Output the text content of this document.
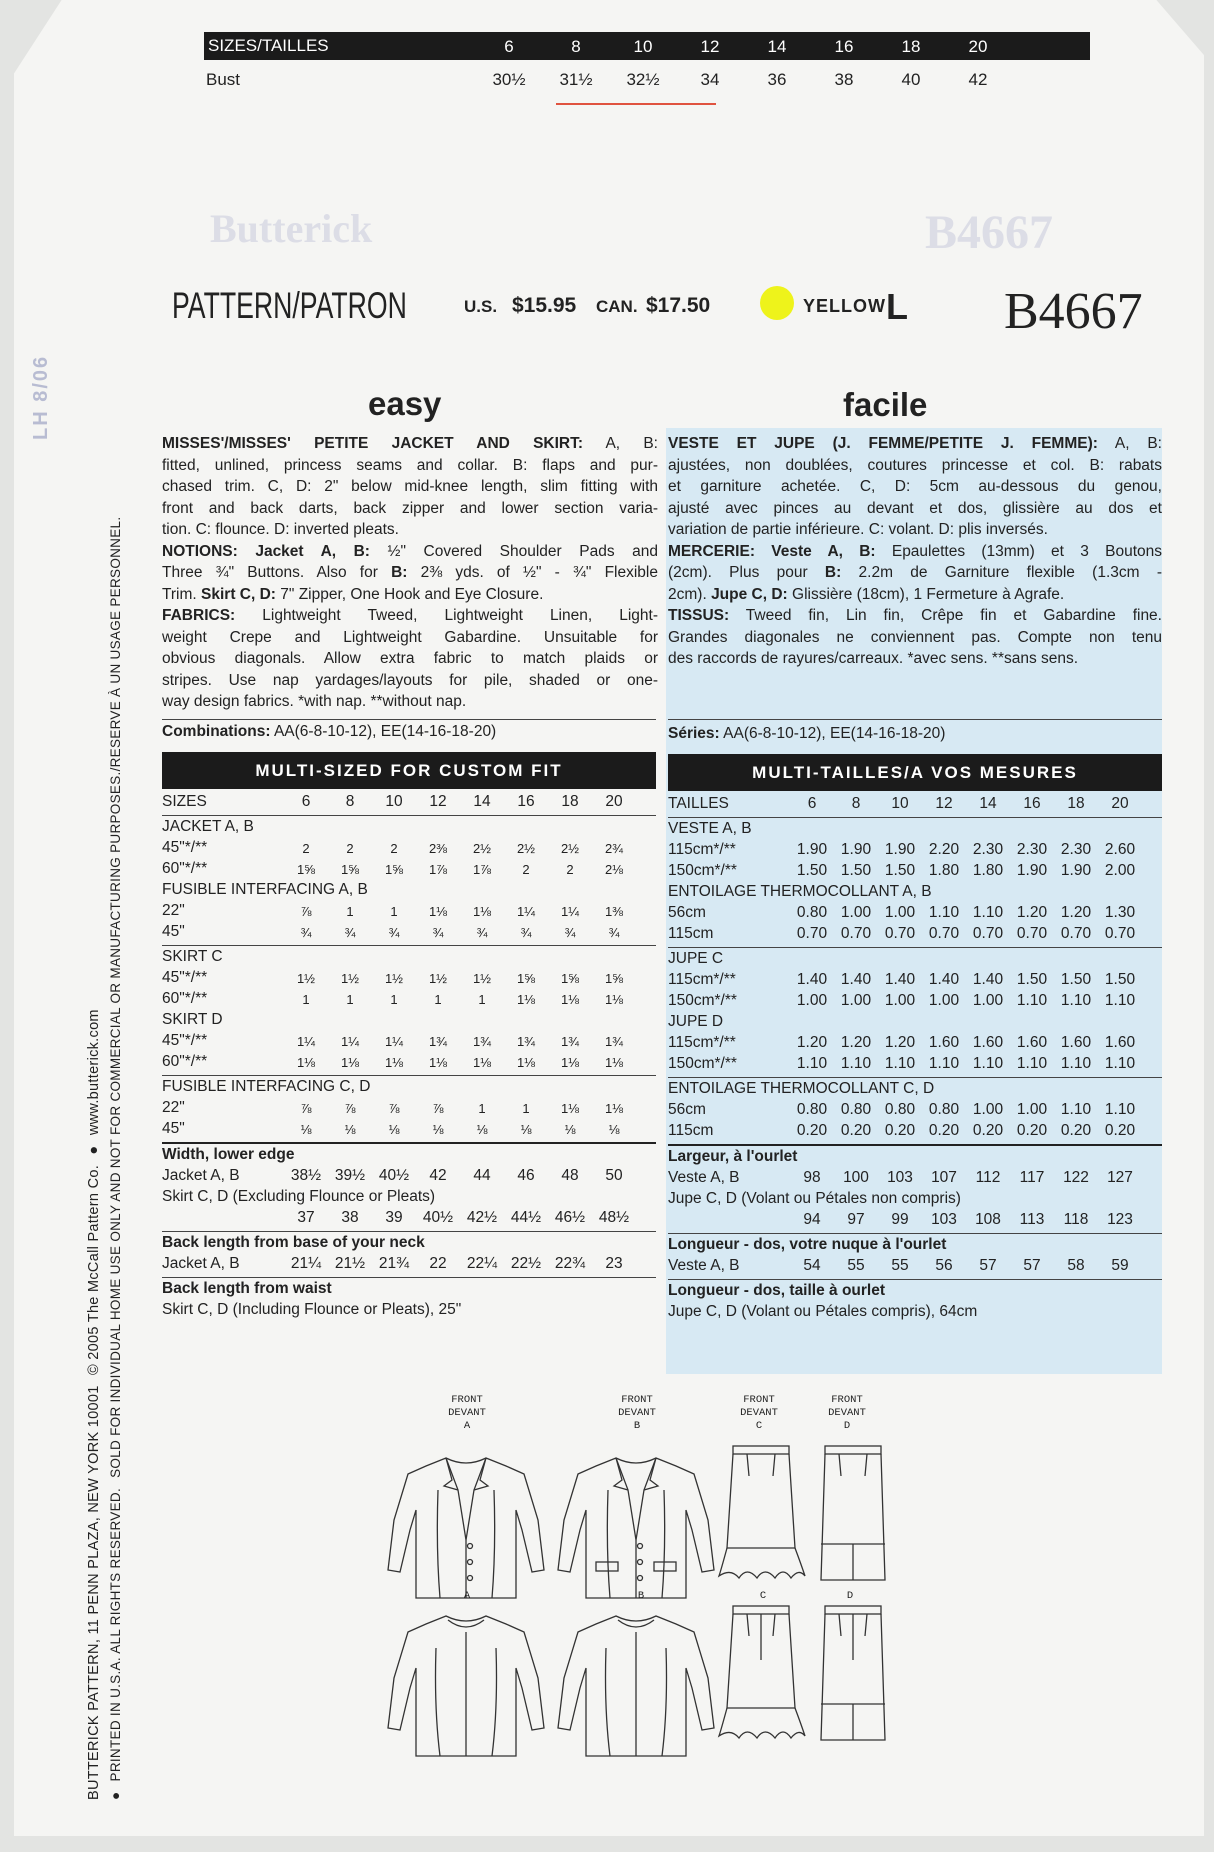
SIZES/TAILLES	6	8	10	12	14	16	18	20
Bust	30½	31½	32½	34	36	38	40	42
Butterick	B4667
PATTERN/PATRON	U.S. $15.95 CAN. $17.50	YELLOW L B4667
BUTTERICK PATTERN, 11 PENN PLAZA, NEW YORK 10001 © 2005 The McCall Pattern Co. ● www.butterick.com
● PRINTED IN U.S.A. ALL RIGHTS RESERVED. SOLD FOR INDIVIDUAL HOME USE ONLY AND NOT FOR COMMERCIAL OR MANUFACTURING PURPOSES./RESERVE À UN USAGE PERSONNEL.
LH 8/06	easy	facile
MISSES'/MISSES' PETITE JACKET AND SKIRT: A, B:
fitted, unlined, princess seams and collar. B: flaps and pur-
chased trim. C, D: 2" below mid-knee length, slim fitting with
front and back darts, back zipper and lower section varia-
tion. C: flounce. D: inverted pleats.
NOTIONS: Jacket A, B: ½" Covered Shoulder Pads and
Three ¾" Buttons. Also for B: 2⅜ yds. of ½" - ¾" Flexible
Trim. Skirt C, D: 7" Zipper, One Hook and Eye Closure.
FABRICS: Lightweight Tweed, Lightweight Linen, Light-
weight Crepe and Lightweight Gabardine. Unsuitable for
obvious diagonals. Allow extra fabric to match plaids or
stripes. Use nap yardages/layouts for pile, shaded or one-
way design fabrics. *with nap. **without nap.
VESTE ET JUPE (J. FEMME/PETITE J. FEMME): A, B:
ajustées, non doublées, coutures princesse et col. B: rabats
et garniture achetée. C, D: 5cm au-dessous du genou,
ajusté avec pinces au devant et dos, glissière au dos et
variation de partie inférieure. C: volant. D: plis inversés.
MERCERIE: Veste A, B: Epaulettes (13mm) et 3 Boutons
(2cm). Plus pour B: 2.2m de Garniture flexible (1.3cm -
2cm). Jupe C, D: Glissière (18cm), 1 Fermeture à Agrafe.
TISSUS: Tweed fin, Lin fin, Crêpe fin et Gabardine fine.
Grandes diagonales ne conviennent pas. Compte non tenu
des raccords de rayures/carreaux. *avec sens. **sans sens.
Combinations: AA(6-8-10-12), EE(14-16-18-20)	Séries: AA(6-8-10-12), EE(14-16-18-20)
MULTI-SIZED FOR CUSTOM FIT	MULTI-TAILLES/A VOS MESURES
SIZES	6	8	10	12	14	16	18	20
JACKET A, B
45"*/**	2	2	2	2⅜	2½	2½	2½	2¾
60"*/**	1⅝	1⅝	1⅝	1⅞	1⅞	2	2	2⅛
FUSIBLE INTERFACING A, B
22"	⅞	1	1	1⅛	1⅛	1¼	1¼	1⅜
45"	¾	¾	¾	¾	¾	¾	¾	¾
SKIRT C
45"*/**	1½	1½	1½	1½	1½	1⅝	1⅝	1⅝
60"*/**	1	1	1	1	1	1⅛	1⅛	1⅛
SKIRT D
45"*/**	1¼	1¼	1¼	1¾	1¾	1¾	1¾	1¾
60"*/**	1⅛	1⅛	1⅛	1⅛	1⅛	1⅛	1⅛	1⅛
FUSIBLE INTERFACING C, D
22"	⅞	⅞	⅞	⅞	1	1	1⅛	1⅛
45"	⅛	⅛	⅛	⅛	⅛	⅛	⅛	⅛
Width, lower edge
Jacket A, B	38½ 39½ 40½	42	44	46	48	50
Skirt C, D (Excluding Flounce or Pleats)
37	38	39	40½ 42½ 44½ 46½ 48½
Back length from base of your neck
Jacket A, B	21¼ 21½ 21¾	22	22¼ 22½ 22¾	23
Back length from waist
Skirt C, D (Including Flounce or Pleats), 25"
TAILLES	6	8	10	12	14	16	18	20
VESTE A, B
115cm*/**	1.90 1.90 1.90 2.20 2.30 2.30 2.30 2.60
150cm*/**	1.50 1.50 1.50 1.80 1.80 1.90 1.90 2.00
ENTOILAGE THERMOCOLLANT A, B
56cm	0.80 1.00 1.00 1.10 1.10 1.20 1.20 1.30
115cm	0.70 0.70 0.70 0.70 0.70 0.70 0.70 0.70
JUPE C
115cm*/**	1.40 1.40 1.40 1.40 1.40 1.50 1.50 1.50
150cm*/**	1.00 1.00 1.00 1.00 1.00 1.10 1.10 1.10
JUPE D
115cm*/**	1.20 1.20 1.20 1.60 1.60 1.60 1.60 1.60
150cm*/**	1.10 1.10 1.10 1.10 1.10 1.10 1.10 1.10
ENTOILAGE THERMOCOLLANT C, D
56cm	0.80 0.80 0.80 0.80 1.00 1.00 1.10 1.10
115cm	0.20 0.20 0.20 0.20 0.20 0.20 0.20 0.20
Largeur, à l'ourlet
Veste A, B	98	100	103	107	112	117	122	127
Jupe C, D (Volant ou Pétales non compris)
94	97	99	103	108	113	118	123
Longueur - dos, votre nuque à l'ourlet
Veste A, B	54	55	55	56	57	57	58	59
Longueur - dos, taille à ourlet
Jupe C, D (Volant ou Pétales compris), 64cm
FRONT
DEVANT
A
FRONT
DEVANT
B
FRONT
DEVANT
C
FRONT
DEVANT
D
A	B	C	D
